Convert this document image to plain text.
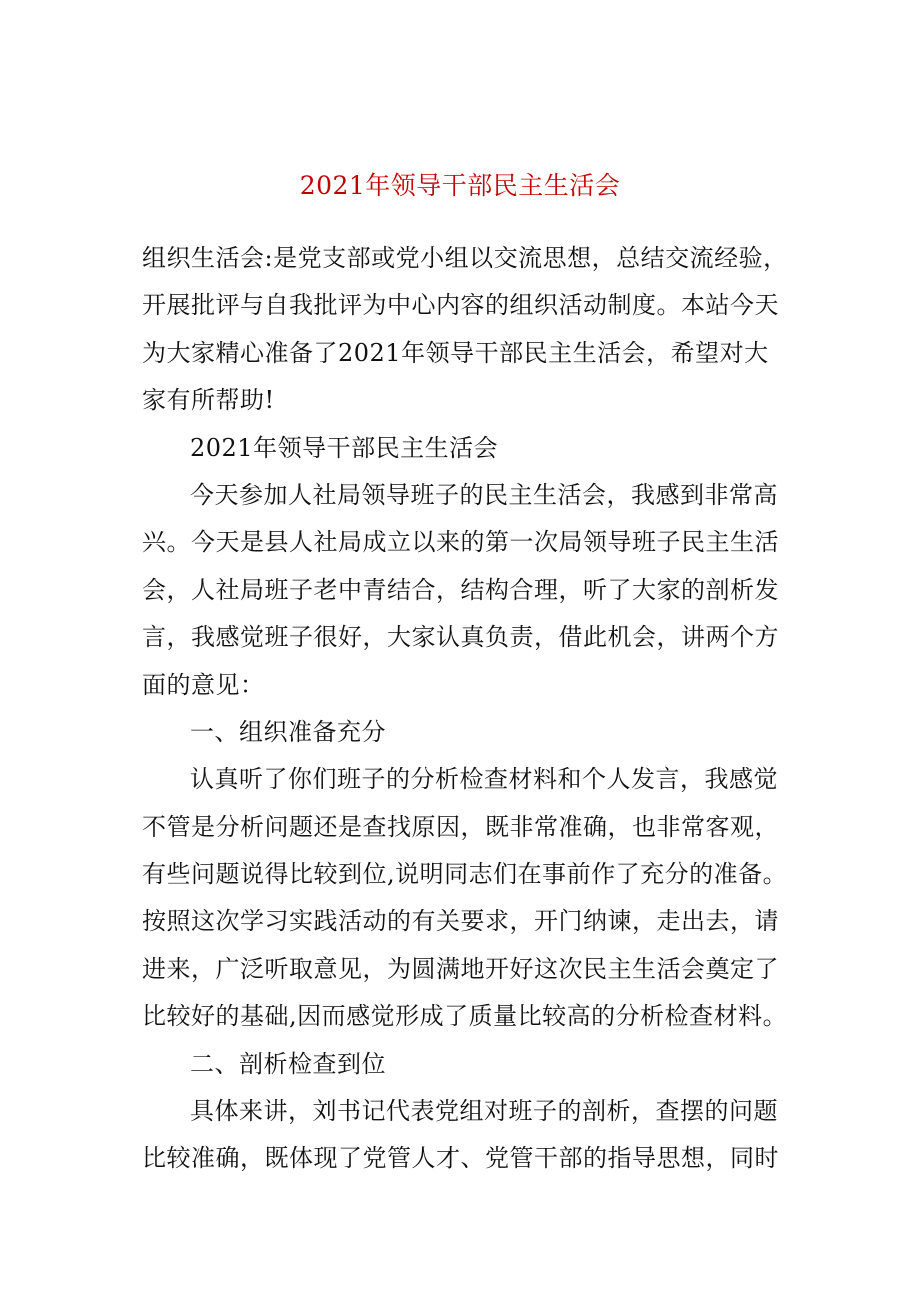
2021年领导干部民主生活会
组织生活会:是党支部或党小组以交流思想，总结交流经验，
开展批评与自我批评为中心内容的组织活动制度。本站今天
为大家精心准备了2021年领导干部民主生活会，希望对大
家有所帮助!
2021年领导干部民主生活会
今天参加人社局领导班子的民主生活会，我感到非常高
兴。今天是县人社局成立以来的第一次局领导班子民主生活
会，人社局班子老中青结合，结构合理，听了大家的剖析发
言，我感觉班子很好，大家认真负责，借此机会，讲两个方
面的意见：
一、组织准备充分
认真听了你们班子的分析检查材料和个人发言，我感觉
不管是分析问题还是查找原因，既非常准确，也非常客观，
有些问题说得比较到位,说明同志们在事前作了充分的准备。
按照这次学习实践活动的有关要求，开门纳谏，走出去，请
进来，广泛听取意见，为圆满地开好这次民主生活会奠定了
比较好的基础,因而感觉形成了质量比较高的分析检查材料。
二、剖析检查到位
具体来讲，刘书记代表党组对班子的剖析，查摆的问题
比较准确，既体现了党管人才、党管干部的指导思想，同时
